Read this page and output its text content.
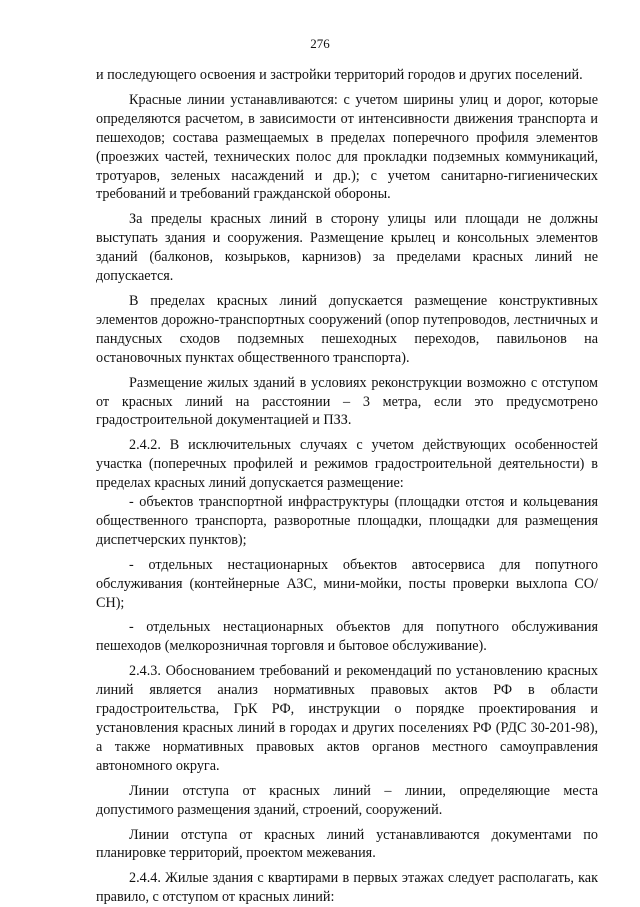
276

и последующего освоения и застройки территорий городов и других поселений.

Красные линии устанавливаются: с учетом ширины улиц и дорог, которые определяются расчетом, в зависимости от интенсивности движения транспорта и пешеходов; состава размещаемых в пределах поперечного профиля элементов (проезжих частей, технических полос для прокладки подземных коммуникаций, тротуаров, зеленых насаждений и др.); с учетом санитарно-гигиенических требований и требований гражданской обороны.

За пределы красных линий в сторону улицы или площади не должны выступать здания и сооружения. Размещение крылец и консольных элементов зданий (балконов, козырьков, карнизов) за пределами красных линий не допускается.

В пределах красных линий допускается размещение конструктивных элементов дорожно-транспортных сооружений (опор путепроводов, лестничных и пандусных сходов подземных пешеходных переходов, павильонов на остановочных пунктах общественного транспорта).

Размещение жилых зданий в условиях реконструкции возможно с отступом от красных линий на расстоянии – 3 метра, если это предусмотрено градостроительной документацией и ПЗЗ.

2.4.2. В исключительных случаях с учетом действующих особенностей участка (поперечных профилей и режимов градостроительной деятельности) в пределах красных линий допускается размещение:

- объектов транспортной инфраструктуры (площадки отстоя и кольцевания общественного транспорта, разворотные площадки, площадки для размещения диспетчерских пунктов);

- отдельных нестационарных объектов автосервиса для попутного обслуживания (контейнерные АЗС, мини-мойки, посты проверки выхлопа СО/СН);

- отдельных нестационарных объектов для попутного обслуживания пешеходов (мелкорозничная торговля и бытовое обслуживание).

2.4.3. Обоснованием требований и рекомендаций по установлению красных линий является анализ нормативных правовых актов РФ в области градостроительства, ГрК РФ, инструкции о порядке проектирования и установления красных линий в городах и других поселениях РФ (РДС 30-201-98), а также нормативных правовых актов органов местного самоуправления автономного округа.

Линии отступа от красных линий – линии, определяющие места допустимого размещения зданий, строений, сооружений.

Линии отступа от красных линий устанавливаются документами по планировке территорий, проектом межевания.

2.4.4. Жилые здания с квартирами в первых этажах следует располагать, как правило, с отступом от красных линий:
